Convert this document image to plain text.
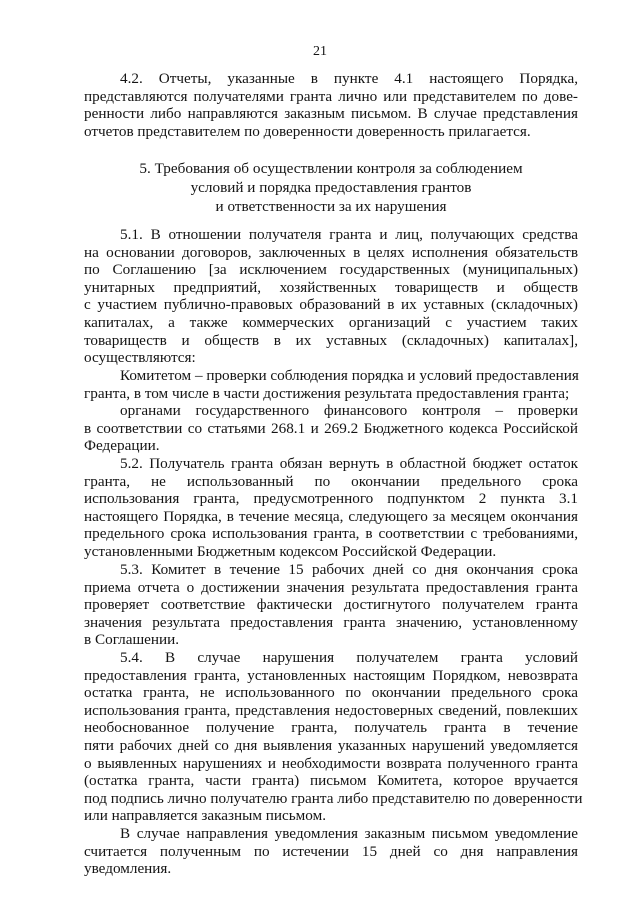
21
4.2. Отчеты, указанные в пункте 4.1 настоящего Порядка,
представляются получателями гранта лично или представителем по дове-
ренности либо направляются заказным письмом. В случае представления
отчетов представителем по доверенности доверенность прилагается.
5. Требования об осуществлении контроля за соблюдением
условий и порядка предоставления грантов
и ответственности за их нарушения
5.1. В отношении получателя гранта и лиц, получающих средства
на основании договоров, заключенных в целях исполнения обязательств
по Соглашению [за исключением государственных (муниципальных)
унитарных предприятий, хозяйственных товариществ и обществ
с участием публично-правовых образований в их уставных (складочных)
капиталах, а также коммерческих организаций с участием таких
товариществ и обществ в их уставных (складочных) капиталах],
осуществляются:
Комитетом – проверки соблюдения порядка и условий предоставления
гранта, в том числе в части достижения результата предоставления гранта;
органами государственного финансового контроля – проверки
в соответствии со статьями 268.1 и 269.2 Бюджетного кодекса Российской
Федерации.
5.2. Получатель гранта обязан вернуть в областной бюджет остаток
гранта, не использованный по окончании предельного срока
использования гранта, предусмотренного подпунктом 2 пункта 3.1
настоящего Порядка, в течение месяца, следующего за месяцем окончания
предельного срока использования гранта, в соответствии с требованиями,
установленными Бюджетным кодексом Российской Федерации.
5.3. Комитет в течение 15 рабочих дней со дня окончания срока
приема отчета о достижении значения результата предоставления гранта
проверяет соответствие фактически достигнутого получателем гранта
значения результата предоставления гранта значению, установленному
в Соглашении.
5.4. В случае нарушения получателем гранта условий
предоставления гранта, установленных настоящим Порядком, невозврата
остатка гранта, не использованного по окончании предельного срока
использования гранта, представления недостоверных сведений, повлекших
необоснованное получение гранта, получатель гранта в течение
пяти рабочих дней со дня выявления указанных нарушений уведомляется
о выявленных нарушениях и необходимости возврата полученного гранта
(остатка гранта, части гранта) письмом Комитета, которое вручается
под подпись лично получателю гранта либо представителю по доверенности
или направляется заказным письмом.
В случае направления уведомления заказным письмом уведомление
считается полученным по истечении 15 дней со дня направления
уведомления.
